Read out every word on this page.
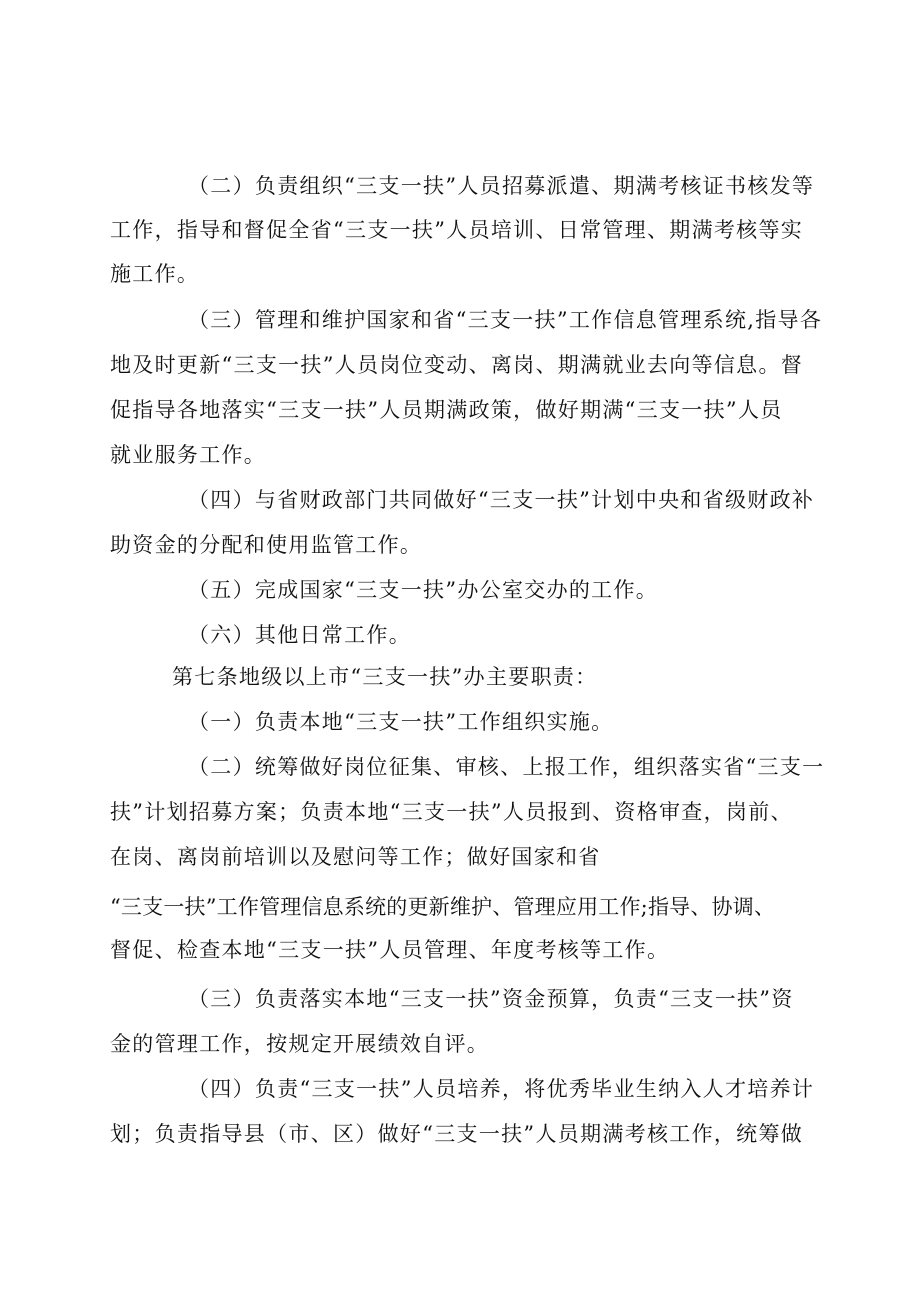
（二）负责组织“三支一扶”人员招募派遣、期满考核证书核发等
工作，指导和督促全省“三支一扶”人员培训、日常管理、期满考核等实
施工作。
（三）管理和维护国家和省“三支一扶”工作信息管理系统,指导各
地及时更新“三支一扶”人员岗位变动、离岗、期满就业去向等信息。督
促指导各地落实“三支一扶”人员期满政策，做好期满“三支一扶”人员
就业服务工作。
（四）与省财政部门共同做好“三支一扶”计划中央和省级财政补
助资金的分配和使用监管工作。
（五）完成国家“三支一扶”办公室交办的工作。
（六）其他日常工作。
第七条地级以上市“三支一扶”办主要职责：
（一）负责本地“三支一扶”工作组织实施。
（二）统筹做好岗位征集、审核、上报工作，组织落实省“三支一
扶”计划招募方案；负责本地“三支一扶”人员报到、资格审查，岗前、
在岗、离岗前培训以及慰问等工作；做好国家和省
“三支一扶”工作管理信息系统的更新维护、管理应用工作;指导、协调、
督促、检查本地“三支一扶”人员管理、年度考核等工作。
（三）负责落实本地“三支一扶”资金预算，负责“三支一扶”资
金的管理工作，按规定开展绩效自评。
（四）负责“三支一扶”人员培养，将优秀毕业生纳入人才培养计
划；负责指导县（市、区）做好“三支一扶”人员期满考核工作，统筹做
